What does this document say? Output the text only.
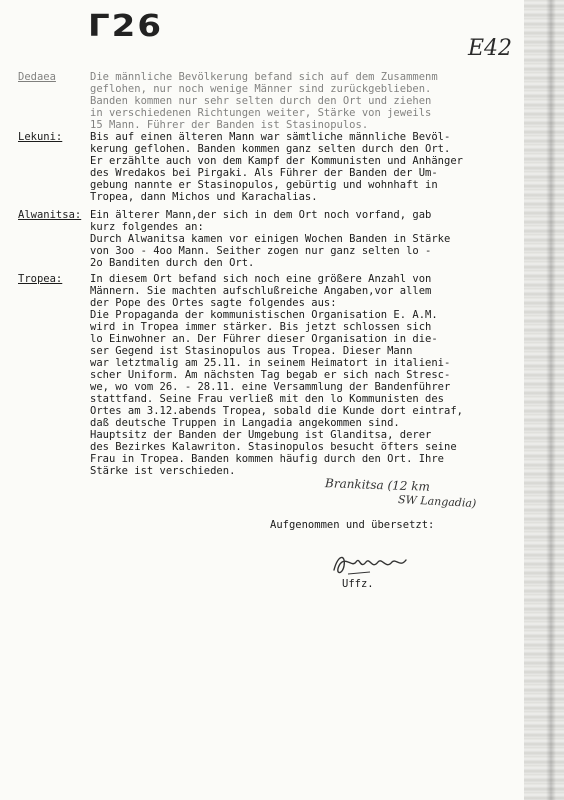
Γ26
E42
Dedaea	Die männliche Bevölkerung befand sich auf dem Zusammenm
geflohen, nur noch wenige Männer sind zurückgeblieben.
Banden kommen nur sehr selten durch den Ort und ziehen
in verschiedenen Richtungen weiter, Stärke von jeweils
15 Mann. Führer der Banden ist Stasinopulos.
Lekuni:	Bis auf einen älteren Mann war sämtliche männliche Bevöl-
kerung geflohen. Banden kommen ganz selten durch den Ort.
Er erzählte auch von dem Kampf der Kommunisten und Anhänger
des Wredakos bei Pirgaki. Als Führer der Banden der Um-
gebung nannte er Stasinopulos, gebürtig und wohnhaft in
Tropea, dann Michos und Karachalias.
Alwanitsa: Ein älterer Mann,der sich in dem Ort noch vorfand, gab
kurz folgendes an:
Durch Alwanitsa kamen vor einigen Wochen Banden in Stärke
von 3oo - 4oo Mann. Seither zogen nur ganz selten lo -
2o Banditen durch den Ort.
Tropea:	In diesem Ort befand sich noch eine größere Anzahl von
Männern. Sie machten aufschlußreiche Angaben,vor allem
der Pope des Ortes sagte folgendes aus:
Die Propaganda der kommunistischen Organisation E. A.M.
wird in Tropea immer stärker. Bis jetzt schlossen sich
lo Einwohner an. Der Führer dieser Organisation in die-
ser Gegend ist Stasinopulos aus Tropea. Dieser Mann
war letztmalig am 25.11. in seinem Heimatort in italieni-
scher Uniform. Am nächsten Tag begab er sich nach Stresc-
we, wo vom 26. - 28.11. eine Versammlung der Bandenführer
stattfand. Seine Frau verließ mit den lo Kommunisten des
Ortes am 3.12.abends Tropea, sobald die Kunde dort eintraf,
daß deutsche Truppen in Langadia angekommen sind.
Hauptsitz der Banden der Umgebung ist Glanditsa, derer
des Bezirkes Kalawriton. Stasinopulos besucht öfters seine
Frau in Tropea. Banden kommen häufig durch den Ort. Ihre
Stärke ist verschieden.
Brankitsa (12 km
SW Langadia)
Aufgenommen und übersetzt:
Uffz.
